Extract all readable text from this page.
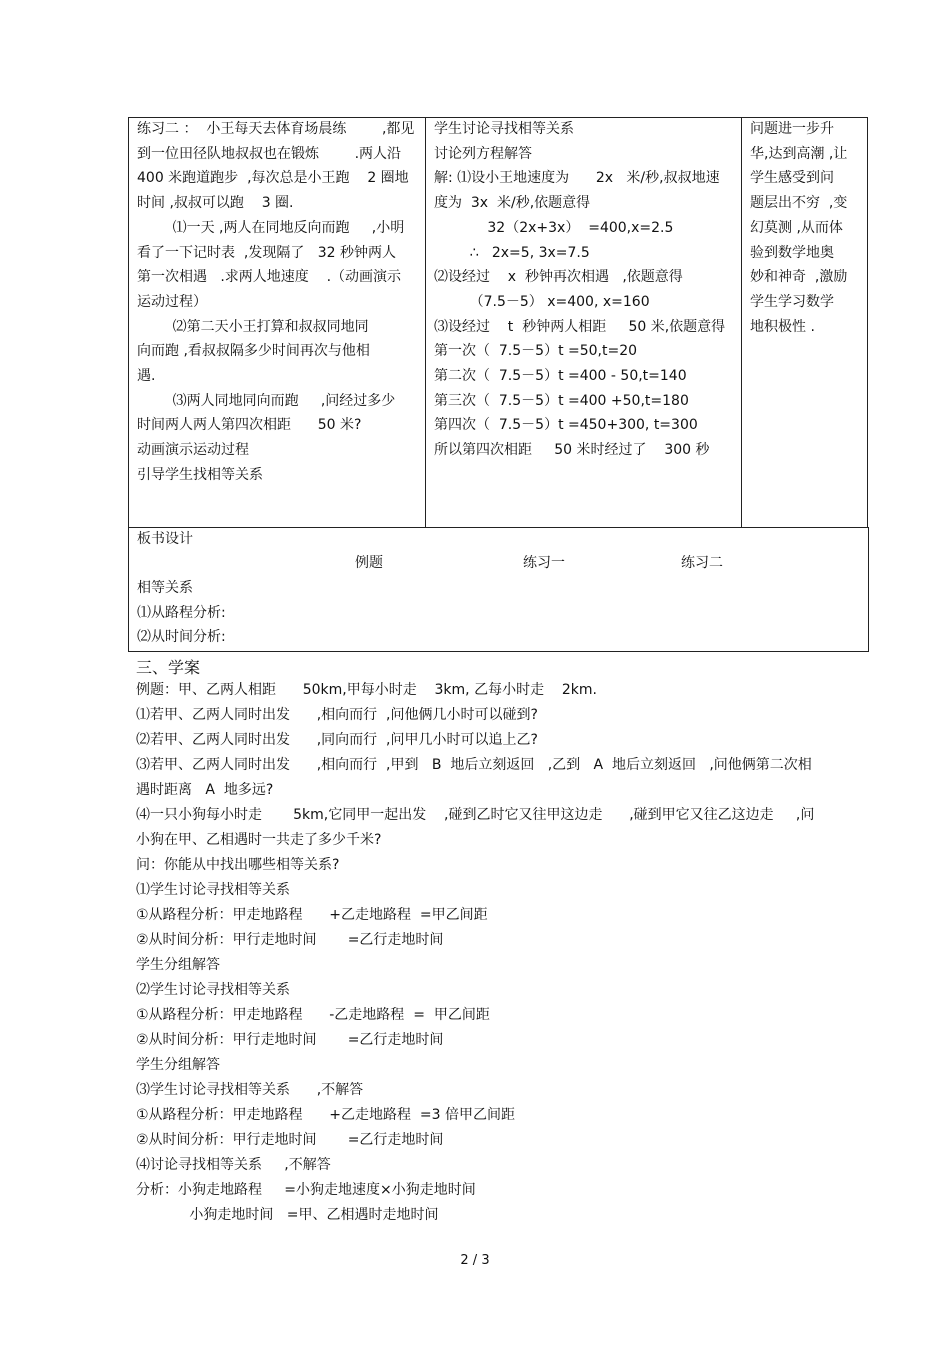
练习二 ：  小王每天去体育场晨练        ,都见
到一位田径队地叔叔也在锻炼        .两人沿
400 米跑道跑步  ,每次总是小王跑    2 圈地
时间 ,叔叔可以跑    3 圈.
⑴一天 ,两人在同地反向而跑     ,小明
看了一下记时表  ,发现隔了   32 秒钟两人
第一次相遇   .求两人地速度    .（动画演示
运动过程）
⑵第二天小王打算和叔叔同地同
向而跑 ,看叔叔隔多少时间再次与他相
遇.
⑶两人同地同向而跑     ,问经过多少
时间两人两人第四次相距      50 米?
动画演示运动过程
引导学生找相等关系

学生讨论寻找相等关系
讨论列方程解答
解: ⑴设小王地速度为      2x   米/秒,叔叔地速
度为  3x  米/秒,依题意得
32（2x+3x）  =400,x=2.5
∴   2x=5, 3x=7.5
⑵设经过    x  秒钟再次相遇   ,依题意得
（7.5－5） x=400, x=160
⑶设经过    t  秒钟两人相距     50 米,依题意得
第一次（  7.5－5）t =50,t=20
第二次（  7.5－5）t =400 - 50,t=140
第三次（  7.5－5）t =400 +50,t=180
第四次（  7.5－5）t =450+300, t=300
所以第四次相距     50 米时经过了    300 秒

问题进一步升
华,达到高潮 ,让
学生感受到问
题层出不穷  ,变
幻莫测 ,从而体
验到数学地奥
妙和神奇  ,激励
学生学习数学
地积极性 .
板书设计
例题	练习一	练习二
相等关系
⑴从路程分析:
⑵从时间分析:
三、学案
例题：甲、乙两人相距      50km,甲每小时走    3km, 乙每小时走    2km.
⑴若甲、乙两人同时出发      ,相向而行  ,问他俩几小时可以碰到?
⑵若甲、乙两人同时出发      ,同向而行  ,问甲几小时可以追上乙?
⑶若甲、乙两人同时出发      ,相向而行  ,甲到   B  地后立刻返回   ,乙到   A  地后立刻返回   ,问他俩第二次相
遇时距离   A  地多远?
⑷一只小狗每小时走       5km,它同甲一起出发    ,碰到乙时它又往甲这边走      ,碰到甲它又往乙这边走     ,问
小狗在甲、乙相遇时一共走了多少千米?
问：你能从中找出哪些相等关系?
⑴学生讨论寻找相等关系
①从路程分析：甲走地路程      +乙走地路程  =甲乙间距
②从时间分析：甲行走地时间       =乙行走地时间
学生分组解答
⑵学生讨论寻找相等关系
①从路程分析：甲走地路程      -乙走地路程  =  甲乙间距
②从时间分析：甲行走地时间       =乙行走地时间
学生分组解答
⑶学生讨论寻找相等关系      ,不解答
①从路程分析：甲走地路程      +乙走地路程  =3 倍甲乙间距
②从时间分析：甲行走地时间       =乙行走地时间
⑷讨论寻找相等关系     ,不解答
分析：小狗走地路程     =小狗走地速度×小狗走地时间
小狗走地时间   =甲、乙相遇时走地时间
2 / 3
